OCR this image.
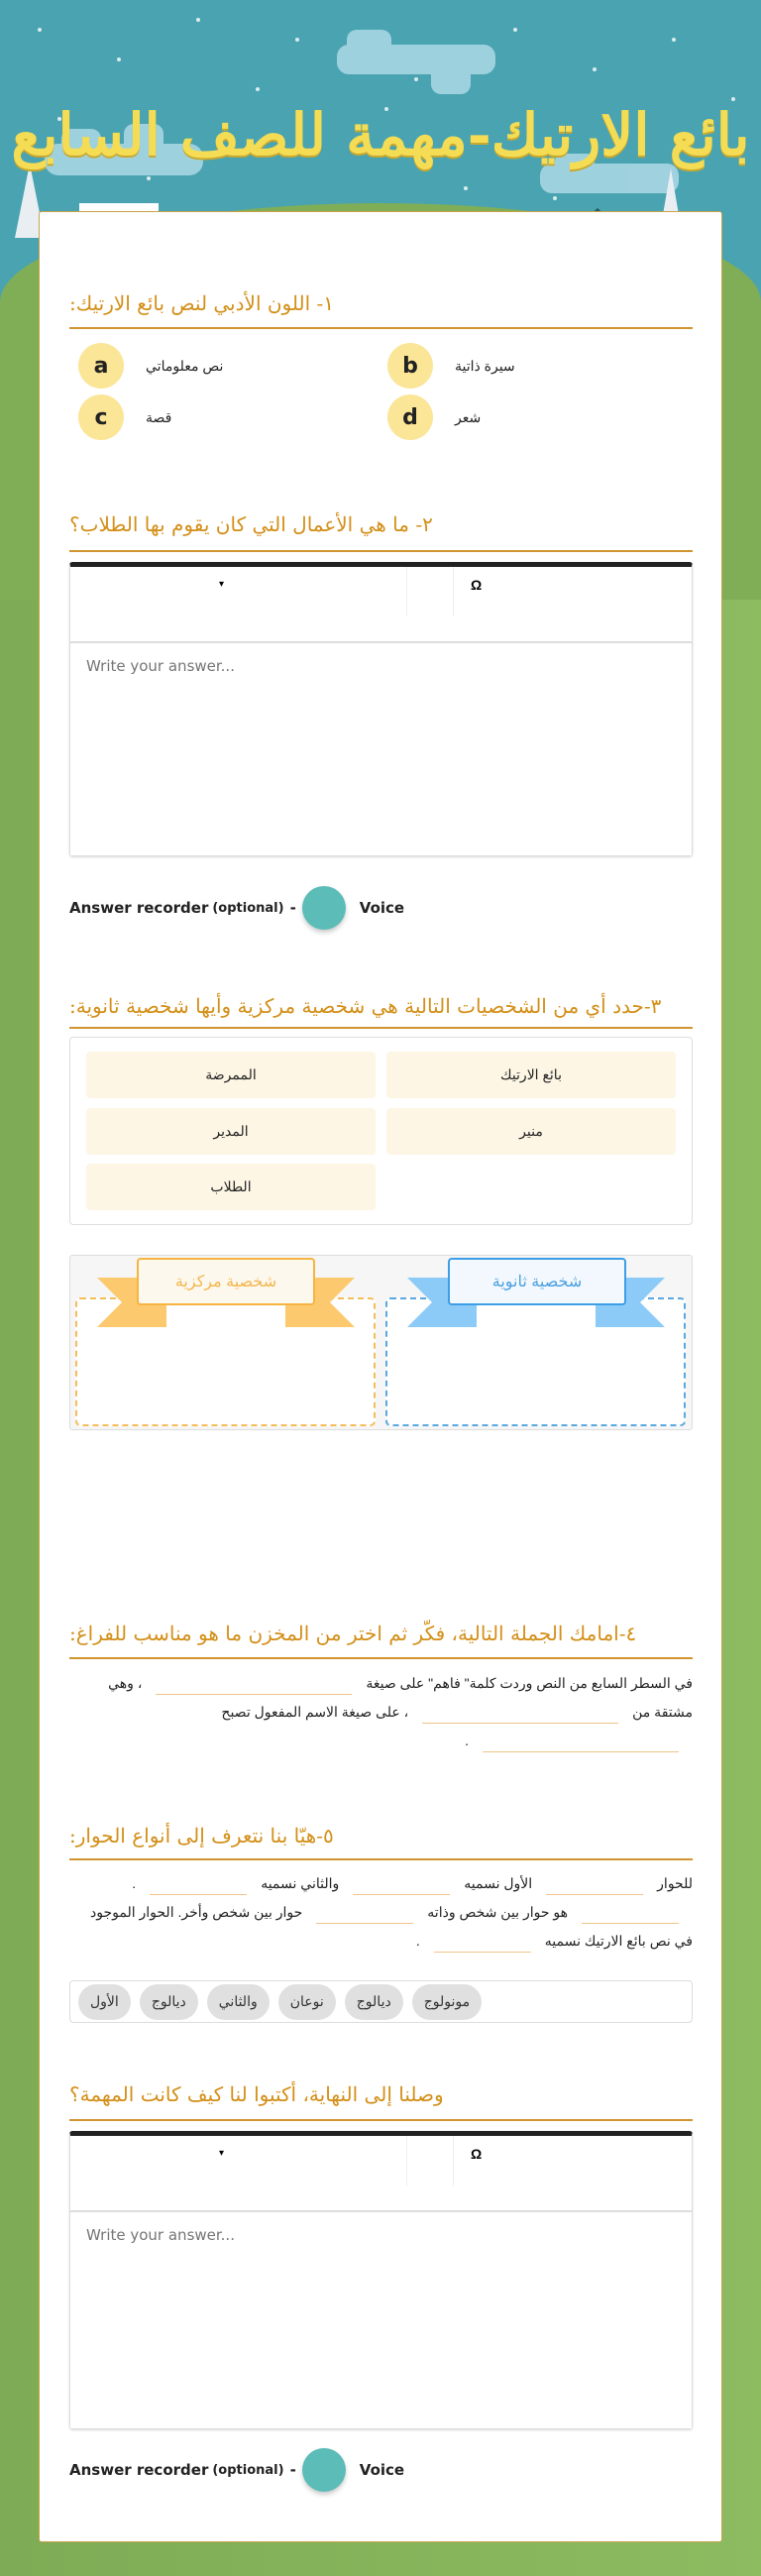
بائع الارتيك-مهمة للصف السابع
١- اللون الأدبي لنص بائع الارتيك:
a	نص معلوماتي	b	سيرة ذاتية
c	قصة	d	شعر
٢- ما هي الأعمال التي كان يقوم بها الطلاب؟
▾	Ω
Write your answer...
Answer recorder (optional) -	Voice
٣-حدد أي من الشخصيات التالية هي شخصية مركزية وأيها شخصية ثانوية:
بائع الارتيك
الممرضة
منير
المدير
الطلاب
شخصية مركزية	شخصية ثانوية
٤-امامك الجملة التالية، فكّر ثم اختر من المخزن ما هو مناسب للفراغ:
في السطر السابع من النص وردت كلمة" فاهم" على صيغة، وهي مشتقة من، على صيغة الاسم المفعول تصبح.
٥-هيّا بنا نتعرف إلى أنواع الحوار:
للحوارالأول نسميهوالثاني نسميه.هو حوار بين شخص وذاتهحوار بين شخص وأخر. الحوار الموجود في نص بائع الارتيك نسميه.
الأول	ديالوج	والثاني	نوعان	ديالوج	مونولوج
وصلنا إلى النهاية، أكتبوا لنا كيف كانت المهمة؟
▾	Ω
Write your answer...
Answer recorder (optional) -	Voice
